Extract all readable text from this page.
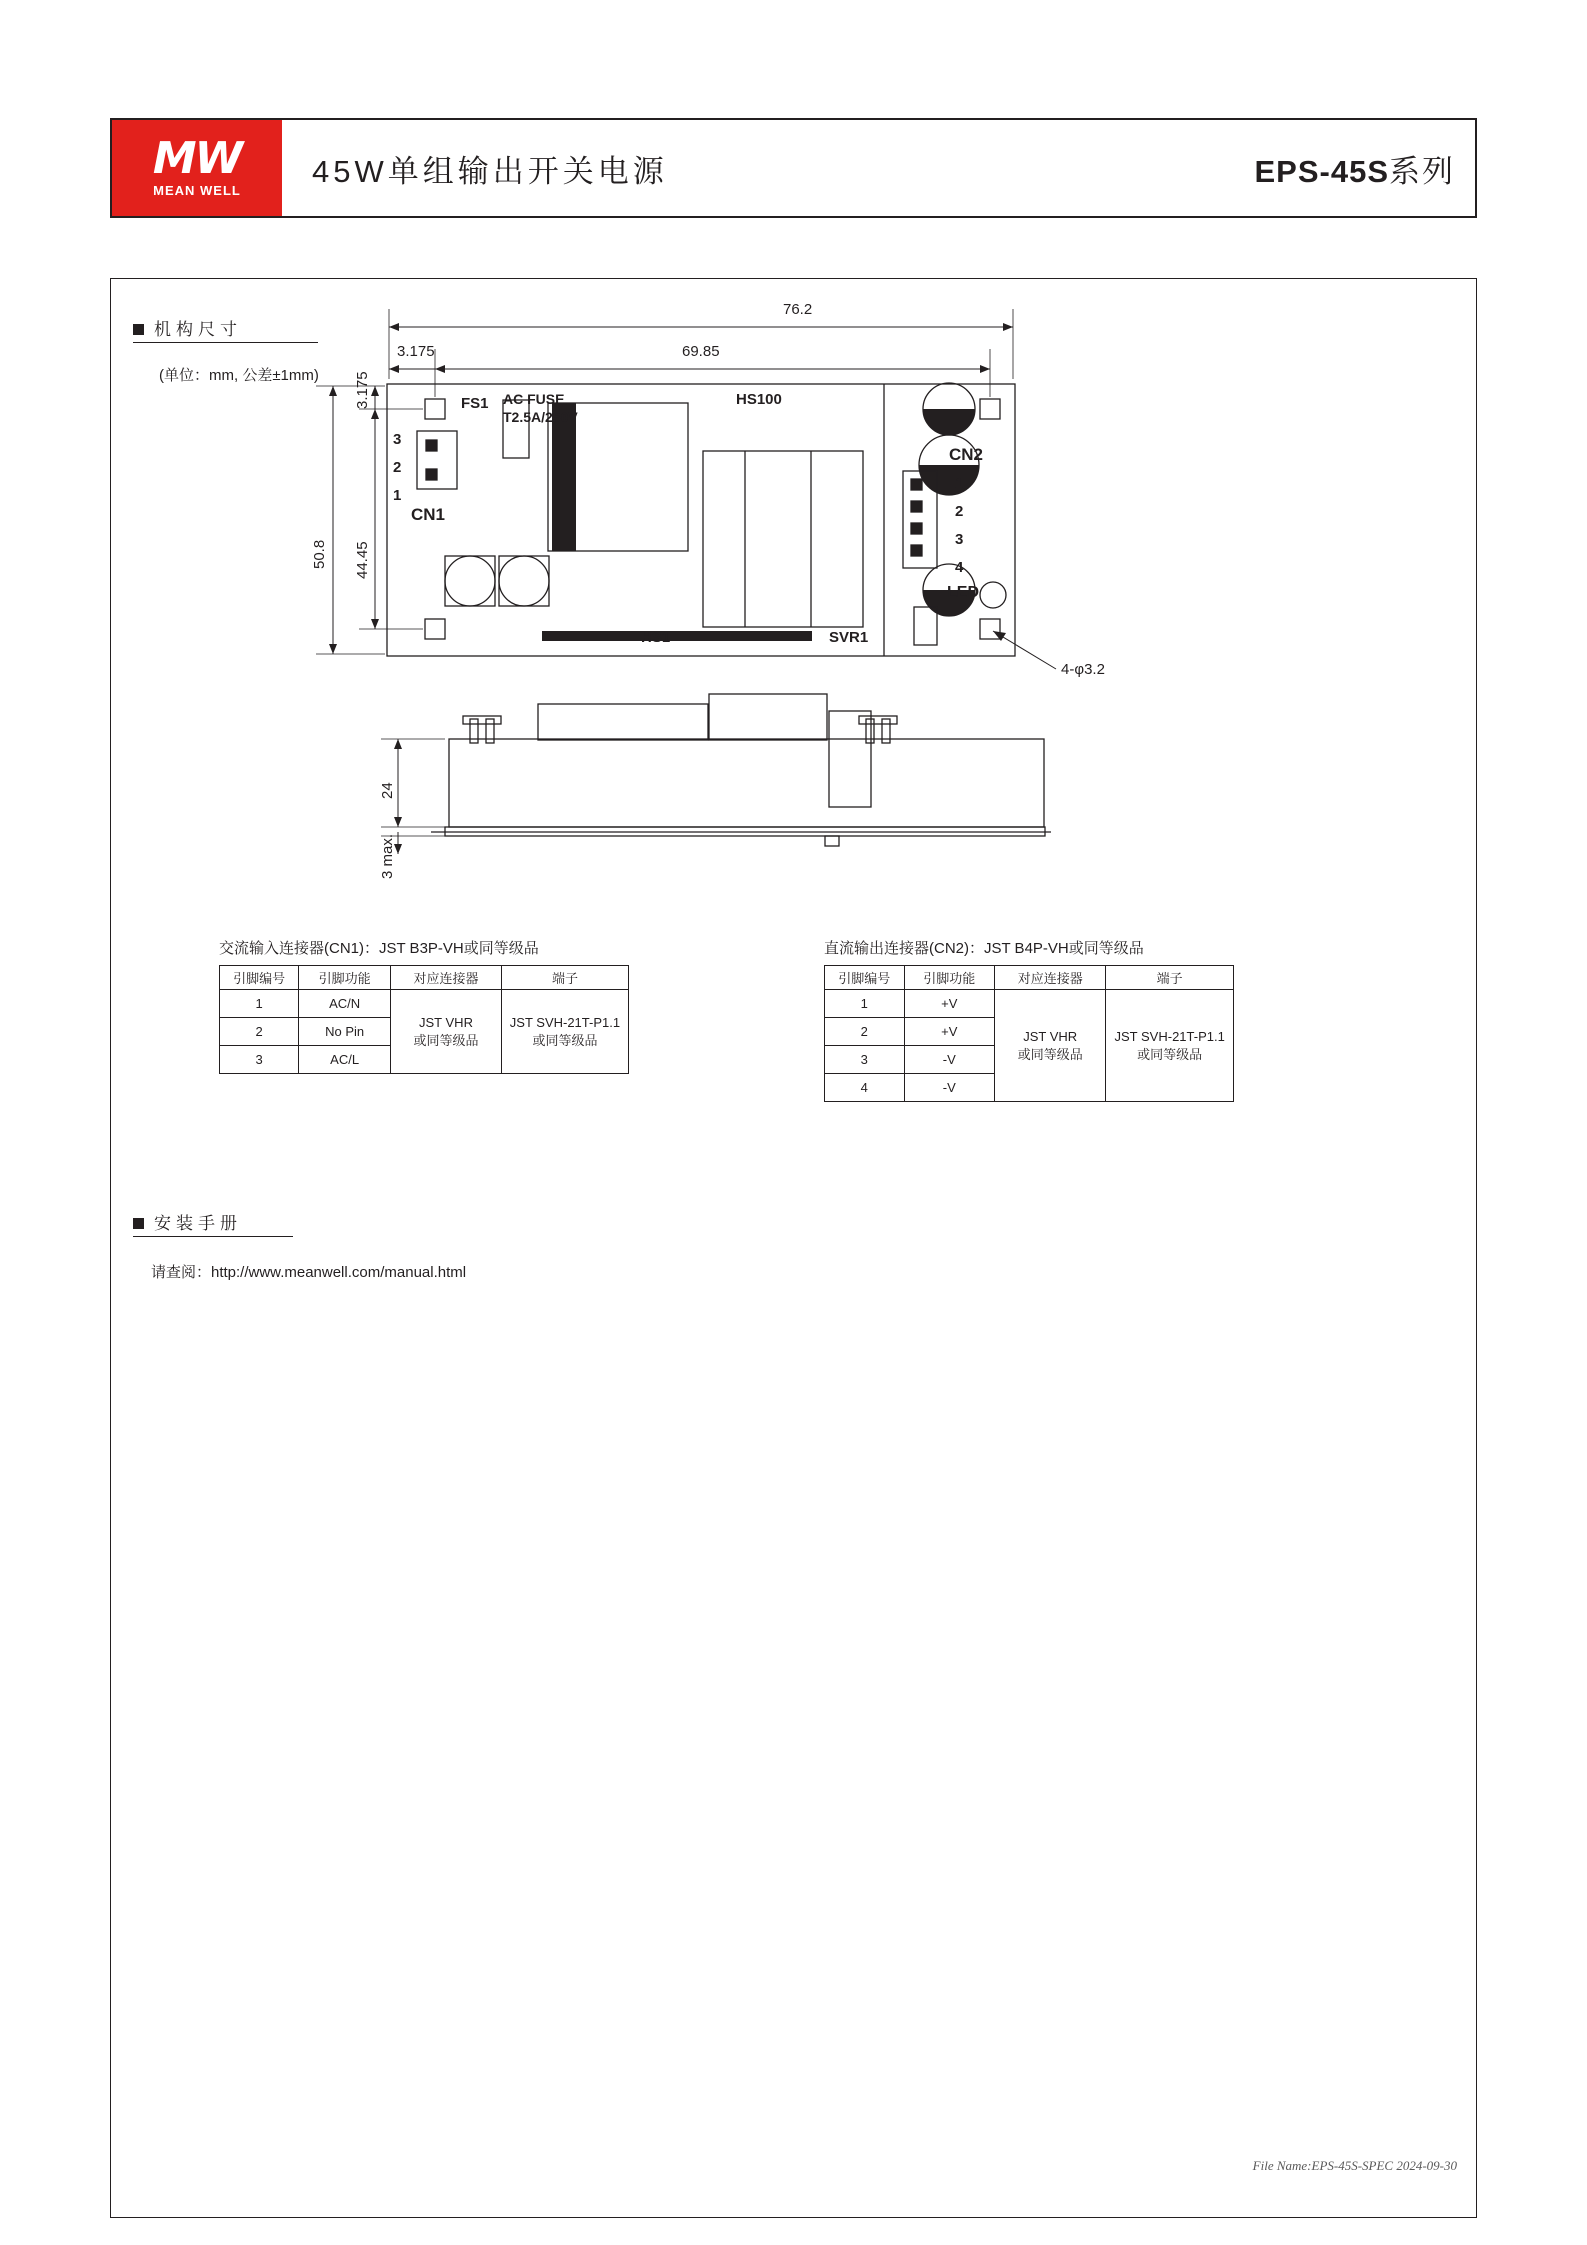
MW
MEAN WELL
45W单组输出开关电源	EPS-45S系列
机构尺寸
(单位：mm, 公差±1mm)
76.2
69.85
3.175
50.8 44.45
3.175	FS1 AC FUSE
T2.5A/250V
HS100
3
2
1
CN1
CN2
1
2
3
4
LED
HS1	SVR1
4-φ3.2
24
3 max.
交流输入连接器(CN1)：JST B3P-VH或同等级品
引脚编号	引脚功能	对应连接器	端子
1	AC/N	
JST VHR
或同等级品

JST SVH-21T-P1.1
或同等级品

2	No Pin		
3	AC/L		
直流输出连接器(CN2)：JST B4P-VH或同等级品
引脚编号	引脚功能	对应连接器	端子
1	+V	
JST VHR
或同等级品

JST SVH-21T-P1.1
或同等级品

2	+V		
3	-V		
4	-V		
安装手册
请查阅：http://www.meanwell.com/manual.html
File Name:EPS-45S-SPEC 2024-09-30
